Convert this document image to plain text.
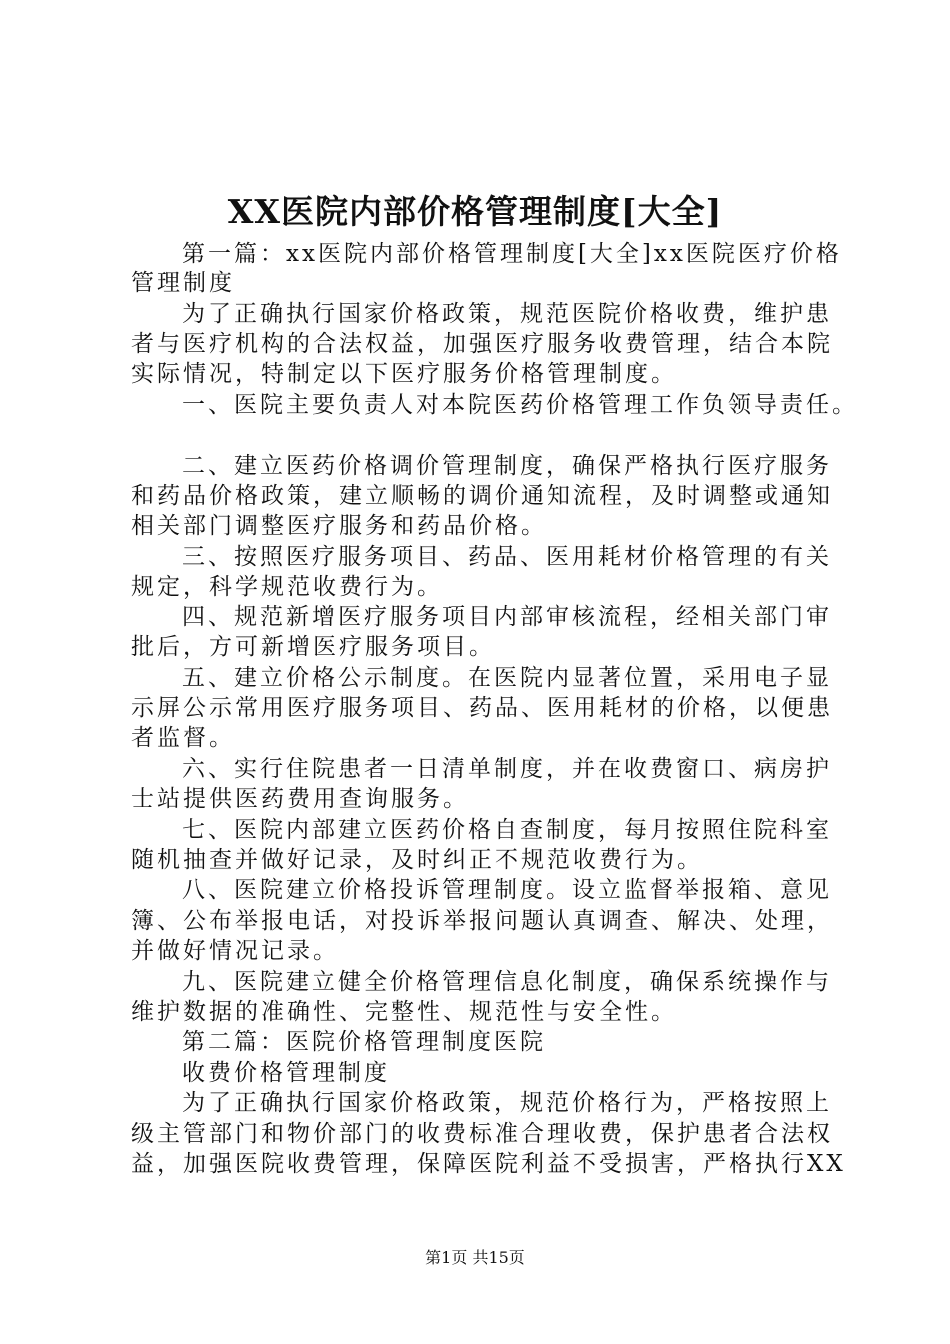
XX医院内部价格管理制度[大全]
第一篇：xx医院内部价格管理制度[大全]xx医院医疗价格
管理制度
为了正确执行国家价格政策，规范医院价格收费，维护患
者与医疗机构的合法权益，加强医疗服务收费管理，结合本院
实际情况，特制定以下医疗服务价格管理制度。
一、医院主要负责人对本院医药价格管理工作负领导责任。
二、建立医药价格调价管理制度，确保严格执行医疗服务
和药品价格政策，建立顺畅的调价通知流程，及时调整或通知
相关部门调整医疗服务和药品价格。
三、按照医疗服务项目、药品、医用耗材价格管理的有关
规定，科学规范收费行为。
四、规范新增医疗服务项目内部审核流程，经相关部门审
批后，方可新增医疗服务项目。
五、建立价格公示制度。在医院内显著位置，采用电子显
示屏公示常用医疗服务项目、药品、医用耗材的价格，以便患
者监督。
六、实行住院患者一日清单制度，并在收费窗口、病房护
士站提供医药费用查询服务。
七、医院内部建立医药价格自查制度，每月按照住院科室
随机抽查并做好记录，及时纠正不规范收费行为。
八、医院建立价格投诉管理制度。设立监督举报箱、意见
簿、公布举报电话，对投诉举报问题认真调查、解决、处理，
并做好情况记录。
九、医院建立健全价格管理信息化制度，确保系统操作与
维护数据的准确性、完整性、规范性与安全性。
第二篇：医院价格管理制度医院
收费价格管理制度
为了正确执行国家价格政策，规范价格行为，严格按照上
级主管部门和物价部门的收费标准合理收费，保护患者合法权
益，加强医院收费管理，保障医院利益不受损害，严格执行XX
第1页 共15页
